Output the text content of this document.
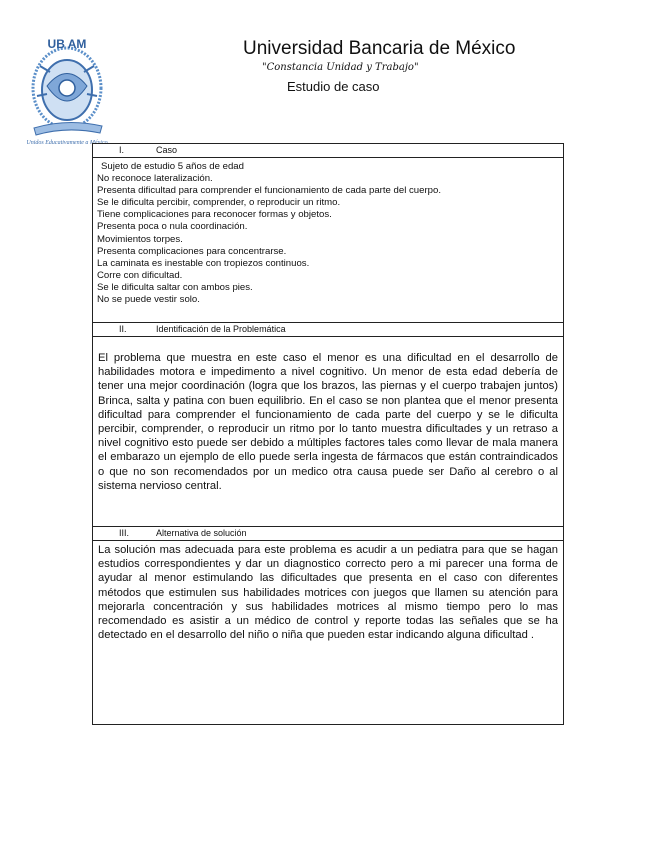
UB AM
Unidos Educativamente a México
Universidad Bancaria de México
"Constancia Unidad y Trabajo"
Estudio de caso
I.	Caso
Sujeto de estudio 5 años de edad
No reconoce lateralización.
Presenta dificultad para comprender el funcionamiento de cada parte del cuerpo.
Se le dificulta percibir, comprender, o reproducir un ritmo.
Tiene complicaciones para reconocer formas y objetos.
Presenta poca o nula coordinación.
Movimientos torpes.
Presenta complicaciones para concentrarse.
La caminata es inestable con tropiezos continuos.
Corre con dificultad.
Se le dificulta saltar con ambos pies.
No se puede vestir solo.
II.	Identificación de la Problemática
El problema que muestra en este caso el menor es una dificultad en el desarrollo de habilidades motora e impedimento a nivel cognitivo. Un menor de esta edad debería de tener una mejor coordinación (logra que los brazos, las piernas y el cuerpo trabajen juntos) Brinca, salta y patina con buen equilibrio. En el caso se non plantea que el menor presenta dificultad para comprender el funcionamiento de cada parte del cuerpo y se le dificulta percibir, comprender, o reproducir un ritmo por lo tanto muestra dificultades y un retraso a nivel cognitivo esto puede ser debido a múltiples factores tales como llevar de mala manera el embarazo un ejemplo de ello puede serla ingesta de fármacos que están contraindicados o que no son recomendados por un medico otra causa puede ser Daño al cerebro o al sistema nervioso central.
III.	Alternativa de solución
La solución mas adecuada para este problema es acudir a un pediatra para que se hagan estudios correspondientes y dar un diagnostico correcto pero a mi parecer una forma de ayudar al menor estimulando las dificultades que presenta en el caso con diferentes métodos que estimulen sus habilidades motrices con juegos que llamen su atención para mejorarla concentración y sus habilidades motrices al mismo tiempo pero lo mas recomendado es asistir a un médico de control y reporte todas las señales que se ha detectado en el desarrollo del niño o niña que pueden estar indicando alguna dificultad .
